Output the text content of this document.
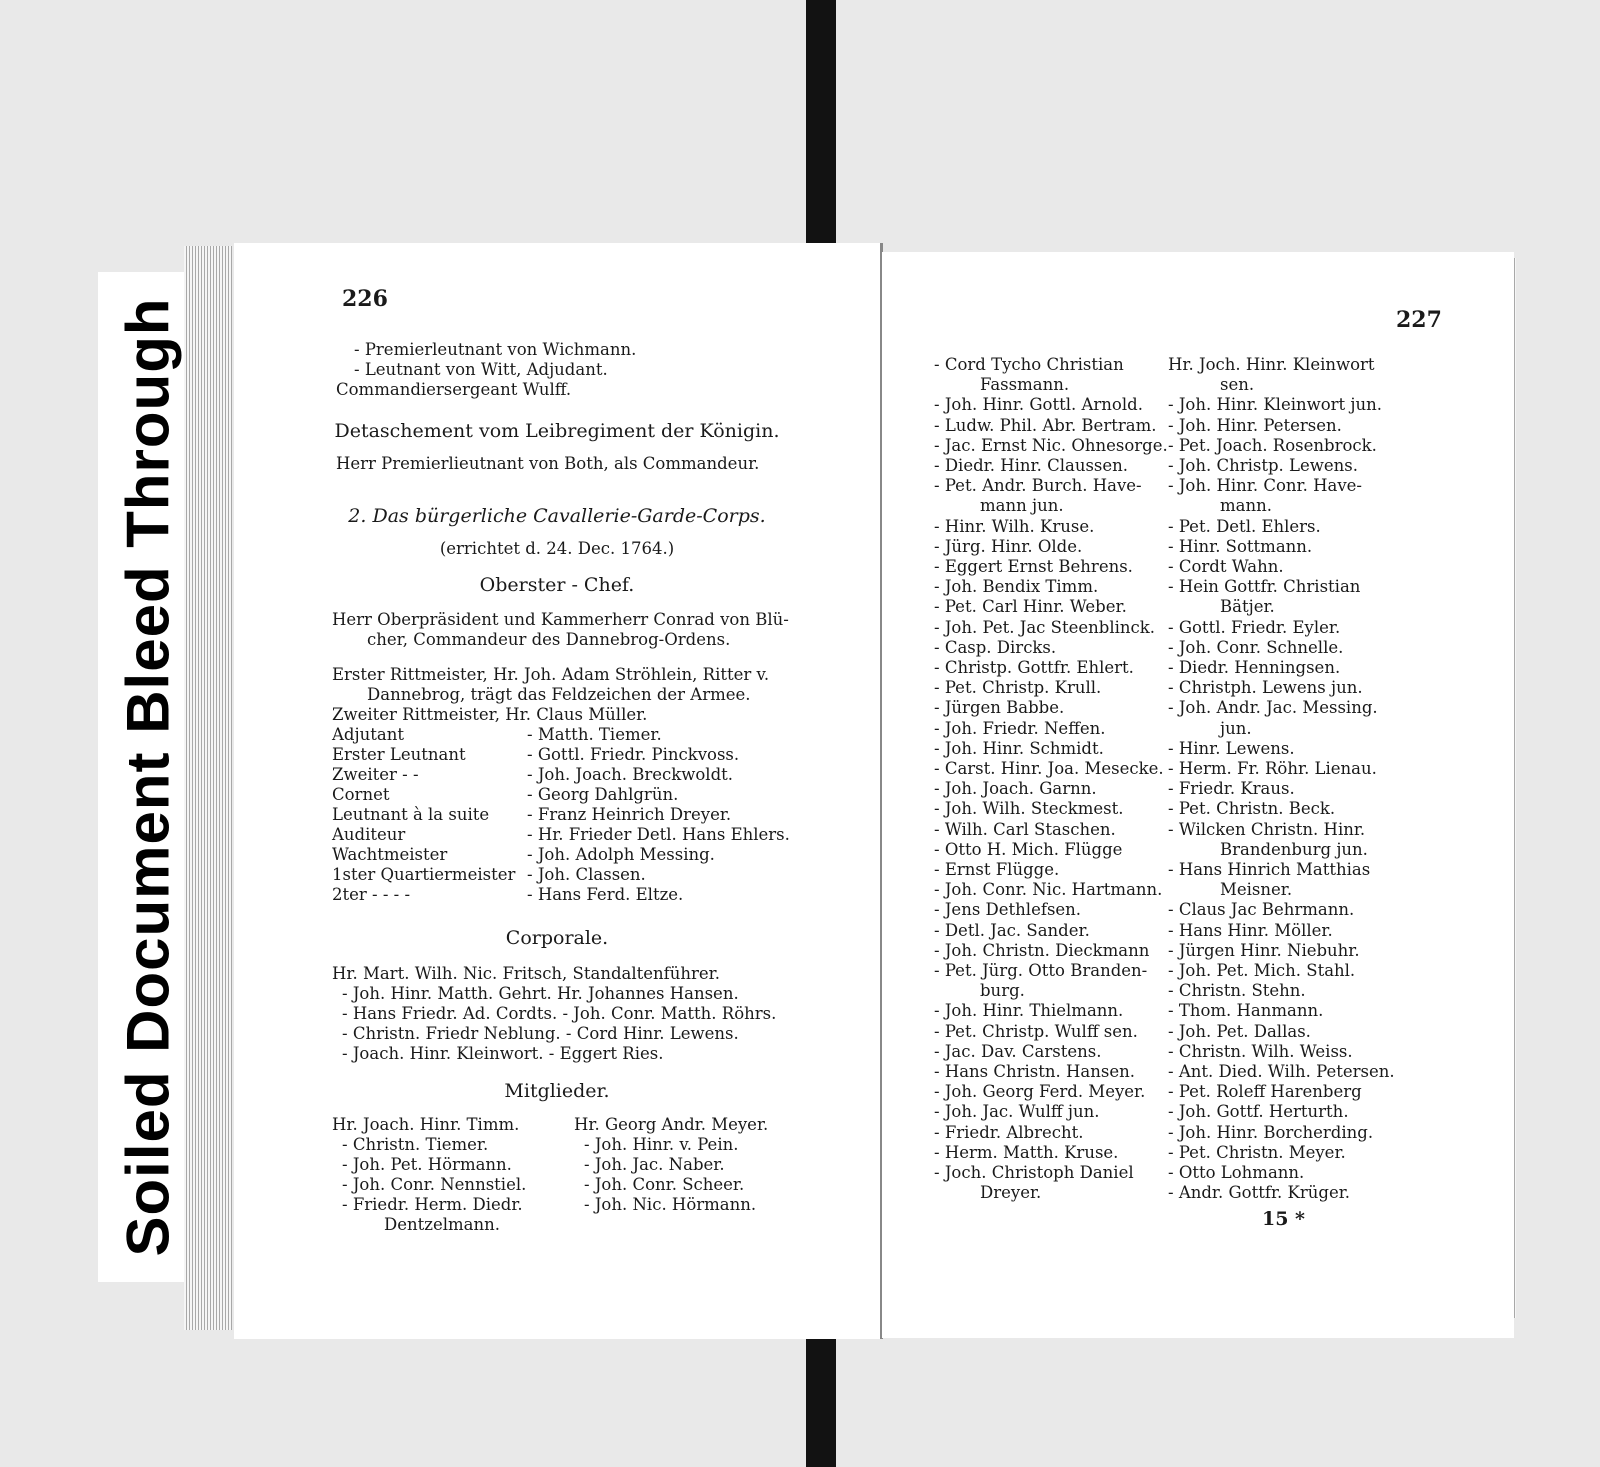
Soiled Document Bleed Through	226
- Premierleutnant von Wichmann.
- Leutnant von Witt, Adjudant.
Commandiersergeant Wulff.
Detaschement vom Leibregiment der Königin.
Herr Premierlieutnant von Both, als Commandeur.
2. Das bürgerliche Cavallerie-Garde-Corps.
(errichtet d. 24. Dec. 1764.)
Oberster - Chef.
Herr Oberpräsident und Kammerherr Conrad von Blü-
cher, Commandeur des Dannebrog-Ordens.
Erster Rittmeister, Hr. Joh. Adam Ströhlein, Ritter v.
Dannebrog, trägt das Feldzeichen der Armee.
Zweiter Rittmeister, Hr. Claus Müller.
Adjutant	- Matth. Tiemer.
Erster Leutnant	- Gottl. Friedr. Pinckvoss.
Zweiter - -	- Joh. Joach. Breckwoldt.
Cornet	- Georg Dahlgrün.
Leutnant à la suite - Franz Heinrich Dreyer.
Auditeur	- Hr. Frieder Detl. Hans Ehlers.
Wachtmeister	- Joh. Adolph Messing.
1ster Quartiermeister - Joh. Classen.
2ter - - - -	- Hans Ferd. Eltze.
Corporale.
Hr. Mart. Wilh. Nic. Fritsch, Standaltenführer.
- Joh. Hinr. Matth. Gehrt. Hr. Johannes Hansen.
- Hans Friedr. Ad. Cordts. - Joh. Conr. Matth. Röhrs.
- Christn. Friedr Neblung. - Cord Hinr. Lewens.
- Joach. Hinr. Kleinwort. - Eggert Ries.
Mitglieder.
Hr. Joach. Hinr. Timm.
- Christn. Tiemer.
- Joh. Pet. Hörmann.
- Joh. Conr. Nennstiel.
- Friedr. Herm. Diedr.
Dentzelmann.
Hr. Georg Andr. Meyer.
- Joh. Hinr. v. Pein.
- Joh. Jac. Naber.
- Joh. Conr. Scheer.
- Joh. Nic. Hörmann.
227
15 *
- Cord Tycho Christian
Fassmann.
- Joh. Hinr. Gottl. Arnold.
- Ludw. Phil. Abr. Bertram.
- Jac. Ernst Nic. Ohnesorge.
- Diedr. Hinr. Claussen.
- Pet. Andr. Burch. Have-
mann jun.
- Hinr. Wilh. Kruse.
- Jürg. Hinr. Olde.
- Eggert Ernst Behrens.
- Joh. Bendix Timm.
- Pet. Carl Hinr. Weber.
- Joh. Pet. Jac Steenblinck.
- Casp. Dircks.
- Christp. Gottfr. Ehlert.
- Pet. Christp. Krull.
- Jürgen Babbe.
- Joh. Friedr. Neffen.
- Joh. Hinr. Schmidt.
- Carst. Hinr. Joa. Mesecke.
- Joh. Joach. Garnn.
- Joh. Wilh. Steckmest.
- Wilh. Carl Staschen.
- Otto H. Mich. Flügge
- Ernst Flügge.
- Joh. Conr. Nic. Hartmann.
- Jens Dethlefsen.
- Detl. Jac. Sander.
- Joh. Christn. Dieckmann
- Pet. Jürg. Otto Branden-
burg.
- Joh. Hinr. Thielmann.
- Pet. Christp. Wulff sen.
- Jac. Dav. Carstens.
- Hans Christn. Hansen.
- Joh. Georg Ferd. Meyer.
- Joh. Jac. Wulff jun.
- Friedr. Albrecht.
- Herm. Matth. Kruse.
- Joch. Christoph Daniel
Dreyer.
Hr. Joch. Hinr. Kleinwort
sen.
- Joh. Hinr. Kleinwort jun.
- Joh. Hinr. Petersen.
- Pet. Joach. Rosenbrock.
- Joh. Christp. Lewens.
- Joh. Hinr. Conr. Have-
mann.
- Pet. Detl. Ehlers.
- Hinr. Sottmann.
- Cordt Wahn.
- Hein Gottfr. Christian
Bätjer.
- Gottl. Friedr. Eyler.
- Joh. Conr. Schnelle.
- Diedr. Henningsen.
- Christph. Lewens jun.
- Joh. Andr. Jac. Messing.
jun.
- Hinr. Lewens.
- Herm. Fr. Röhr. Lienau.
- Friedr. Kraus.
- Pet. Christn. Beck.
- Wilcken Christn. Hinr.
Brandenburg jun.
- Hans Hinrich Matthias
Meisner.
- Claus Jac Behrmann.
- Hans Hinr. Möller.
- Jürgen Hinr. Niebuhr.
- Joh. Pet. Mich. Stahl.
- Christn. Stehn.
- Thom. Hanmann.
- Joh. Pet. Dallas.
- Christn. Wilh. Weiss.
- Ant. Died. Wilh. Petersen.
- Pet. Roleff Harenberg
- Joh. Gottf. Herturth.
- Joh. Hinr. Borcherding.
- Pet. Christn. Meyer.
- Otto Lohmann.
- Andr. Gottfr. Krüger.
